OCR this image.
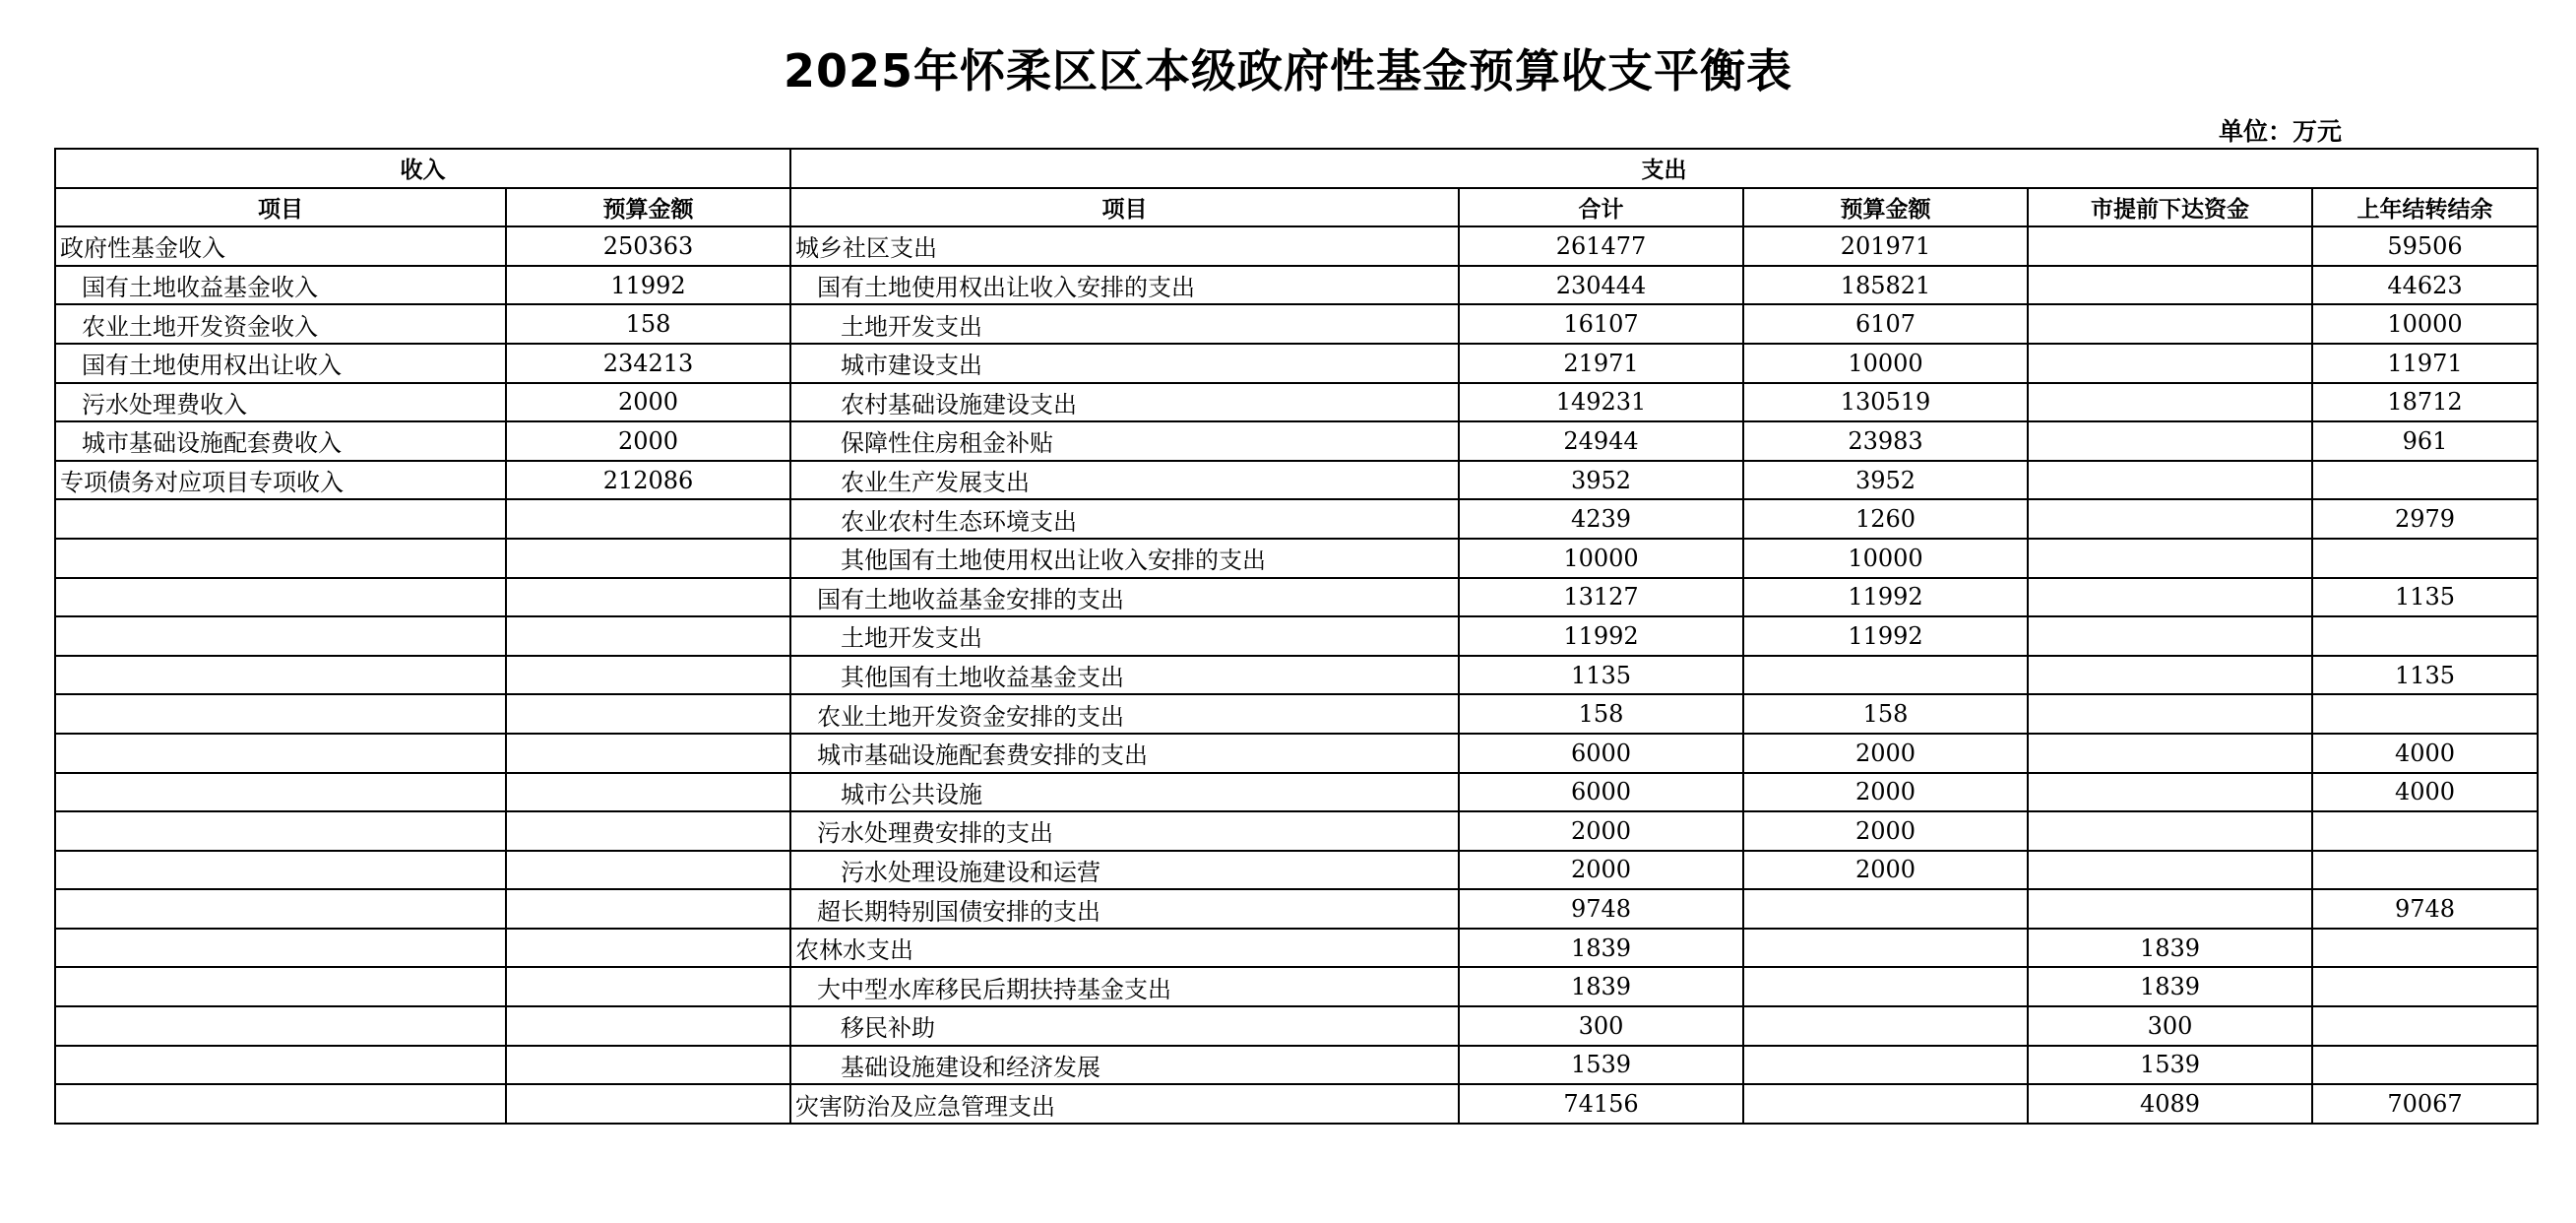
2025年怀柔区区本级政府性基金预算收支平衡表
单位：万元
收入		支出				
项目	预算金额	项目	合计	预算金额	市提前下达资金	上年结转结余
政府性基金收入	250363	城乡社区支出	261477	201971		59506
国有土地收益基金收入	11992	国有土地使用权出让收入安排的支出	230444	185821		44623
农业土地开发资金收入	158	土地开发支出	16107	6107		10000
国有土地使用权出让收入	234213	城市建设支出	21971	10000		11971
污水处理费收入	2000	农村基础设施建设支出	149231	130519		18712
城市基础设施配套费收入	2000	保障性住房租金补贴	24944	23983		961
专项债务对应项目专项收入	212086	农业生产发展支出	3952	3952		
		农业农村生态环境支出	4239	1260		2979
		其他国有土地使用权出让收入安排的支出	10000	10000		
		国有土地收益基金安排的支出	13127	11992		1135
		土地开发支出	11992	11992		
		其他国有土地收益基金支出	1135			1135
		农业土地开发资金安排的支出	158	158		
		城市基础设施配套费安排的支出	6000	2000		4000
		城市公共设施	6000	2000		4000
		污水处理费安排的支出	2000	2000		
		污水处理设施建设和运营	2000	2000		
		超长期特别国债安排的支出	9748			9748
		农林水支出	1839		1839	
		大中型水库移民后期扶持基金支出	1839		1839	
		移民补助	300		300	
		基础设施建设和经济发展	1539		1539	
		灾害防治及应急管理支出	74156		4089	70067
